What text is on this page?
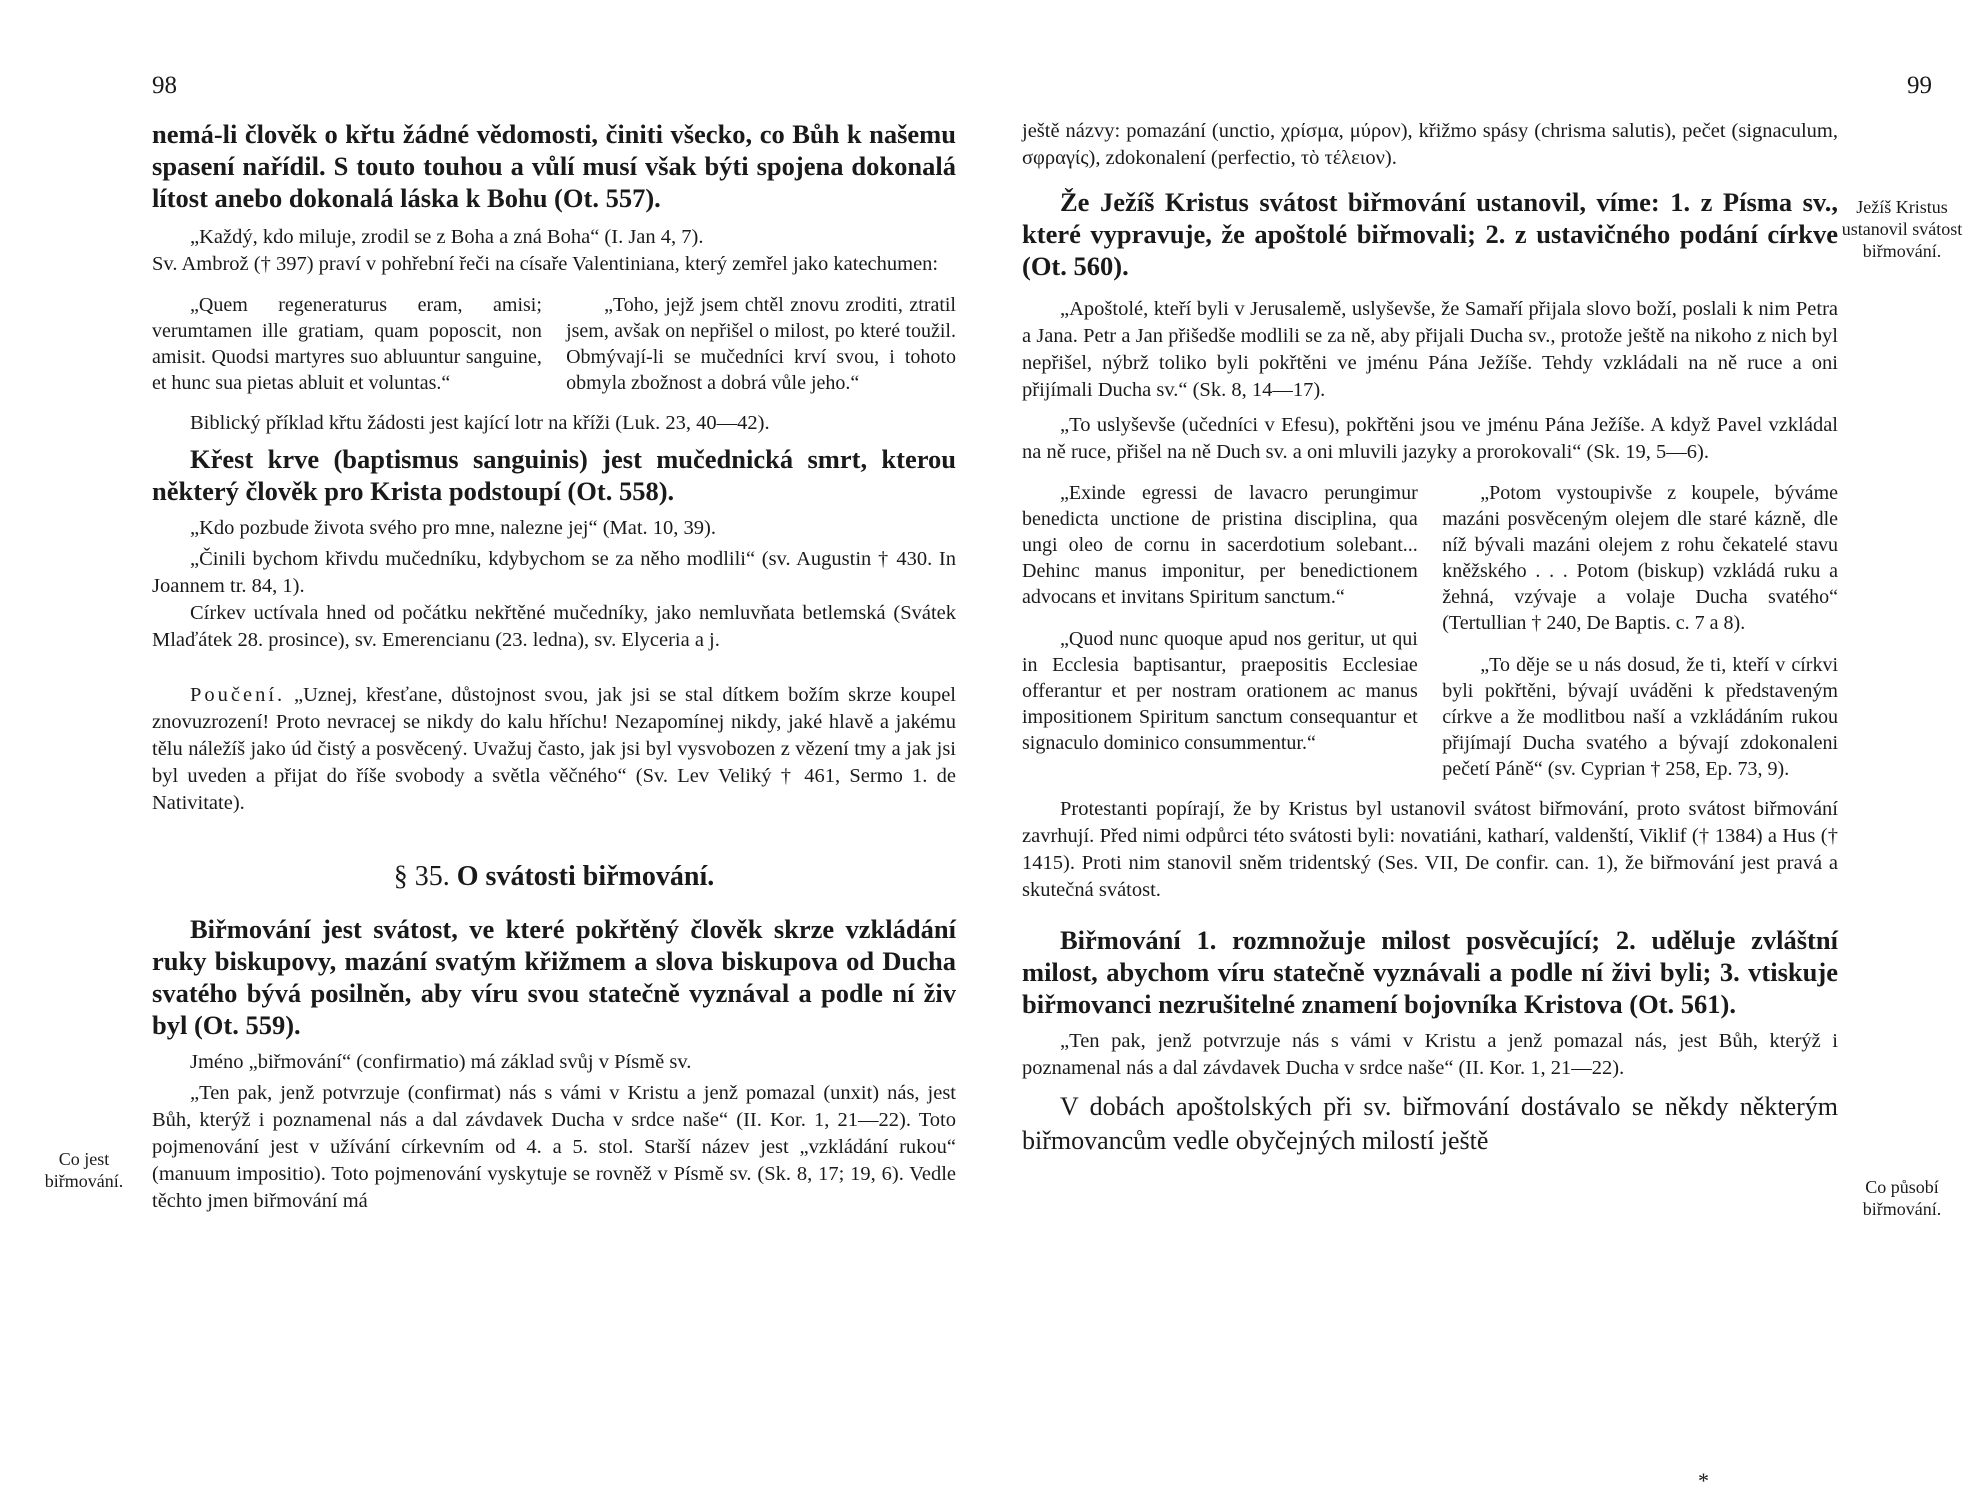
98

nemá-li člověk o křtu žádné vědomosti, činiti všecko, co Bůh k našemu spasení nařídil. S touto touhou a vůlí musí však býti spojena dokonalá lítost anebo dokonalá láska k Bohu (Ot. 557).

„Každý, kdo miluje, zrodil se z Boha a zná Boha“ (I. Jan 4, 7).

Sv. Ambrož († 397) praví v pohřební řeči na císaře Valentiniana, který zemřel jako katechumen:

„Quem regeneraturus eram, amisi; verumtamen ille gratiam, quam poposcit, non amisit. Quodsi martyres suo abluuntur sanguine, et hunc sua pietas abluit et voluntas.“

„Toho, jejž jsem chtěl znovu zroditi, ztratil jsem, avšak on nepřišel o milost, po které toužil. Obmývají-li se mučedníci krví svou, i tohoto obmyla zbožnost a dobrá vůle jeho.“

Biblický příklad křtu žádosti jest kající lotr na kříži (Luk. 23, 40—42).

Křest krve (baptismus sanguinis) jest mučednická smrt, kterou některý člověk pro Krista podstoupí (Ot. 558).

„Kdo pozbude života svého pro mne, nalezne jej“ (Mat. 10, 39).

„Činili bychom křivdu mučedníku, kdybychom se za něho modlili“ (sv. Augustin † 430. In Joannem tr. 84, 1).

Církev uctívala hned od počátku nekřtěné mučedníky, jako nemluvňata betlemská (Svátek Mlaďátek 28. prosince), sv. Emerencianu (23. ledna), sv. Elyceria a j.

Poučení. „Uznej, křesťane, důstojnost svou, jak jsi se stal dítkem božím skrze koupel znovuzrození! Proto nevracej se nikdy do kalu hříchu! Nezapomínej nikdy, jaké hlavě a jakému tělu náležíš jako úd čistý a posvěcený. Uvažuj často, jak jsi byl vysvobozen z vězení tmy a jak jsi byl uveden a přijat do říše svobody a světla věčného“ (Sv. Lev Veliký † 461, Sermo 1. de Nativitate).

§ 35. O svátosti biřmování.

Biřmování jest svátost, ve které pokřtěný člověk skrze vzkládání ruky biskupovy, mazání svatým křižmem a slova biskupova od Ducha svatého bývá posilněn, aby víru svou statečně vyznával a podle ní živ byl (Ot. 559).

Jméno „biřmování“ (confirmatio) má základ svůj v Písmě sv.

„Ten pak, jenž potvrzuje (confirmat) nás s vámi v Kristu a jenž pomazal (unxit) nás, jest Bůh, kterýž i poznamenal nás a dal závdavek Ducha v srdce naše“ (II. Kor. 1, 21—22). Toto pojmenování jest v užívání církevním od 4. a 5. stol. Starší název jest „vzkládání rukou“ (manuum impositio). Toto pojmenování vyskytuje se rovněž v Písmě sv. (Sk. 8, 17; 19, 6). Vedle těchto jmen biřmování má

Co jest biřmování.
99

ještě názvy: pomazání (unctio, χρίσμα, μύρον), křižmo spásy (chrisma salutis), pečet (signaculum, σφραγίς), zdokonalení (perfectio, τὸ τέλειον).

Že Ježíš Kristus svátost biřmování ustanovil, víme: 1. z Písma sv., které vypravuje, že apoštolé biřmovali; 2. z ustavičného podání církve (Ot. 560).

„Apoštolé, kteří byli v Jerusalemě, uslyševše, že Samaří přijala slovo boží, poslali k nim Petra a Jana. Petr a Jan přišedše modlili se za ně, aby přijali Ducha sv., protože ještě na nikoho z nich byl nepřišel, nýbrž toliko byli pokřtěni ve jménu Pána Ježíše. Tehdy vzkládali na ně ruce a oni přijímali Ducha sv.“ (Sk. 8, 14—17).

„To uslyševše (učedníci v Efesu), pokřtěni jsou ve jménu Pána Ježíše. A když Pavel vzkládal na ně ruce, přišel na ně Duch sv. a oni mluvili jazyky a prorokovali“ (Sk. 19, 5—6).

„Exinde egressi de lavacro perungimur benedicta unctione de pristina disciplina, qua ungi oleo de cornu in sacerdotium solebant... Dehinc manus imponitur, per benedictionem advocans et invitans Spiritum sanctum.“

„Quod nunc quoque apud nos geritur, ut qui in Ecclesia baptisantur, praepositis Ecclesiae offerantur et per nostram orationem ac manus impositionem Spiritum sanctum consequantur et signaculo dominico consummentur.“

„Potom vystoupivše z koupele, býváme mazáni posvěceným olejem dle staré kázně, dle níž bývali mazáni olejem z rohu čekatelé stavu kněžského . . . Potom (biskup) vzkládá ruku a žehná, vzývaje a volaje Ducha svatého“ (Tertullian † 240, De Baptis. c. 7 a 8).

„To děje se u nás dosud, že ti, kteří v církvi byli pokřtěni, bývají uváděni k představeným církve a že modlitbou naší a vzkládáním rukou přijímají Ducha svatého a bývají zdokonaleni pečetí Páně“ (sv. Cyprian † 258, Ep. 73, 9).

Protestanti popírají, že by Kristus byl ustanovil svátost biřmování, proto svátost biřmování zavrhují. Před nimi odpůrci této svátosti byli: novatiáni, katharí, valdenští, Viklif († 1384) a Hus († 1415). Proti nim stanovil sněm tridentský (Ses. VII, De confir. can. 1), že biřmování jest pravá a skutečná svátost.

Biřmování 1. rozmnožuje milost posvěcující; 2. uděluje zvláštní milost, abychom víru statečně vyznávali a podle ní živi byli; 3. vtiskuje biřmovanci nezrušitelné znamení bojovníka Kristova (Ot. 561).

„Ten pak, jenž potvrzuje nás s vámi v Kristu a jenž pomazal nás, jest Bůh, kterýž i poznamenal nás a dal závdavek Ducha v srdce naše“ (II. Kor. 1, 21—22).

V dobách apoštolských při sv. biřmování dostávalo se někdy některým biřmovancům vedle obyčejných milostí ještě

Ježíš Kristus ustanovil svátost biřmování.
Co působí biřmování.
*
